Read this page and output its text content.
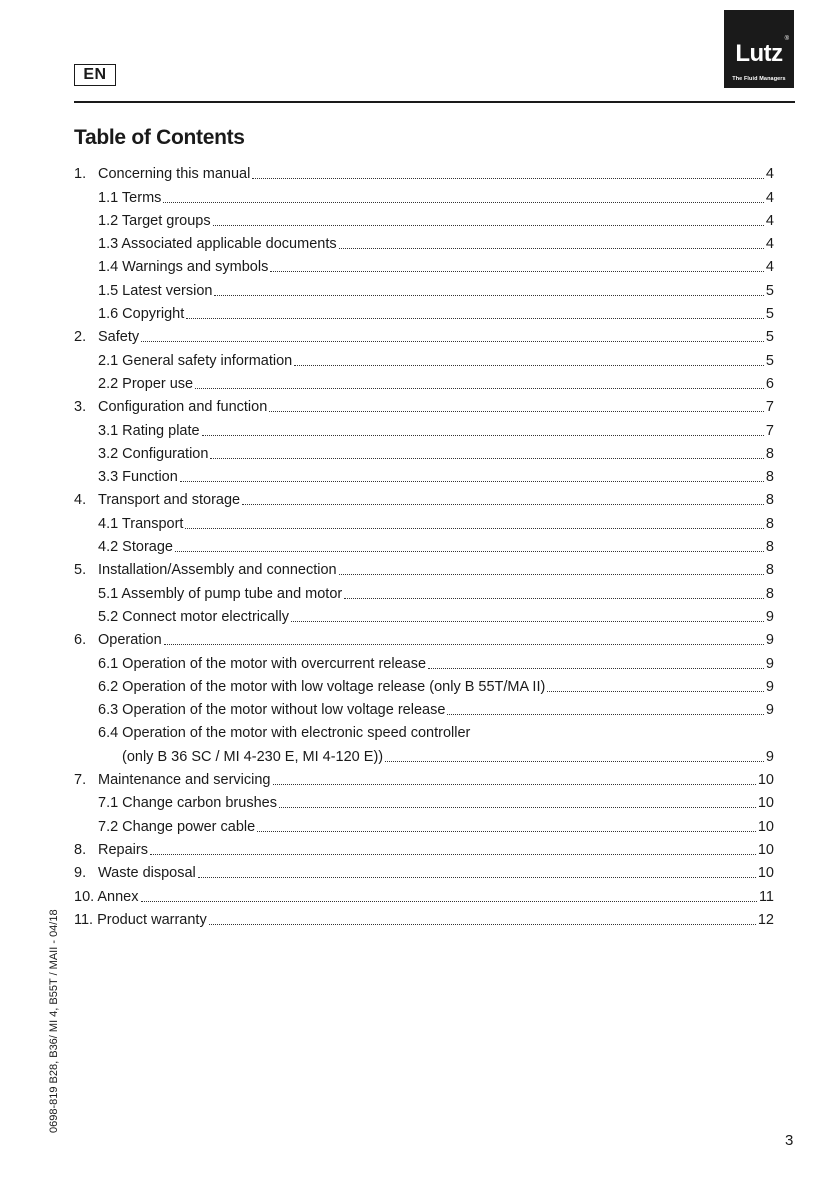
EN
Lutz
®
The Fluid Managers
Table of Contents
1. Concerning this manual	4
1.1 Terms	4
1.2 Target groups	4
1.3 Associated applicable documents	4
1.4 Warnings and symbols	4
1.5 Latest version	5
1.6 Copyright	5
2. Safety	5
2.1 General safety information	5
2.2 Proper use	6
3. Configuration and function	7
3.1 Rating plate	7
3.2 Configuration	8
3.3 Function	8
4. Transport and storage	8
4.1 Transport	8
4.2 Storage	8
5. Installation/Assembly and connection	8
5.1 Assembly of pump tube and motor	8
5.2 Connect motor electrically	9
6. Operation	9
6.1 Operation of the motor with overcurrent release	9
6.2 Operation of the motor with low voltage release (only B 55T/MA II)	9
6.3 Operation of the motor without low voltage release	9
6.4 Operation of the motor with electronic speed controller
(only B 36 SC / MI 4-230 E, MI 4-120 E))	9
7. Maintenance and servicing	10
7.1 Change carbon brushes	10
7.2 Change power cable	10
8. Repairs	10
9. Waste disposal	10
10. Annex	11
11. Product warranty	12
0698-819 B28, B36/ MI 4, B55T / MAII - 04/18
3
